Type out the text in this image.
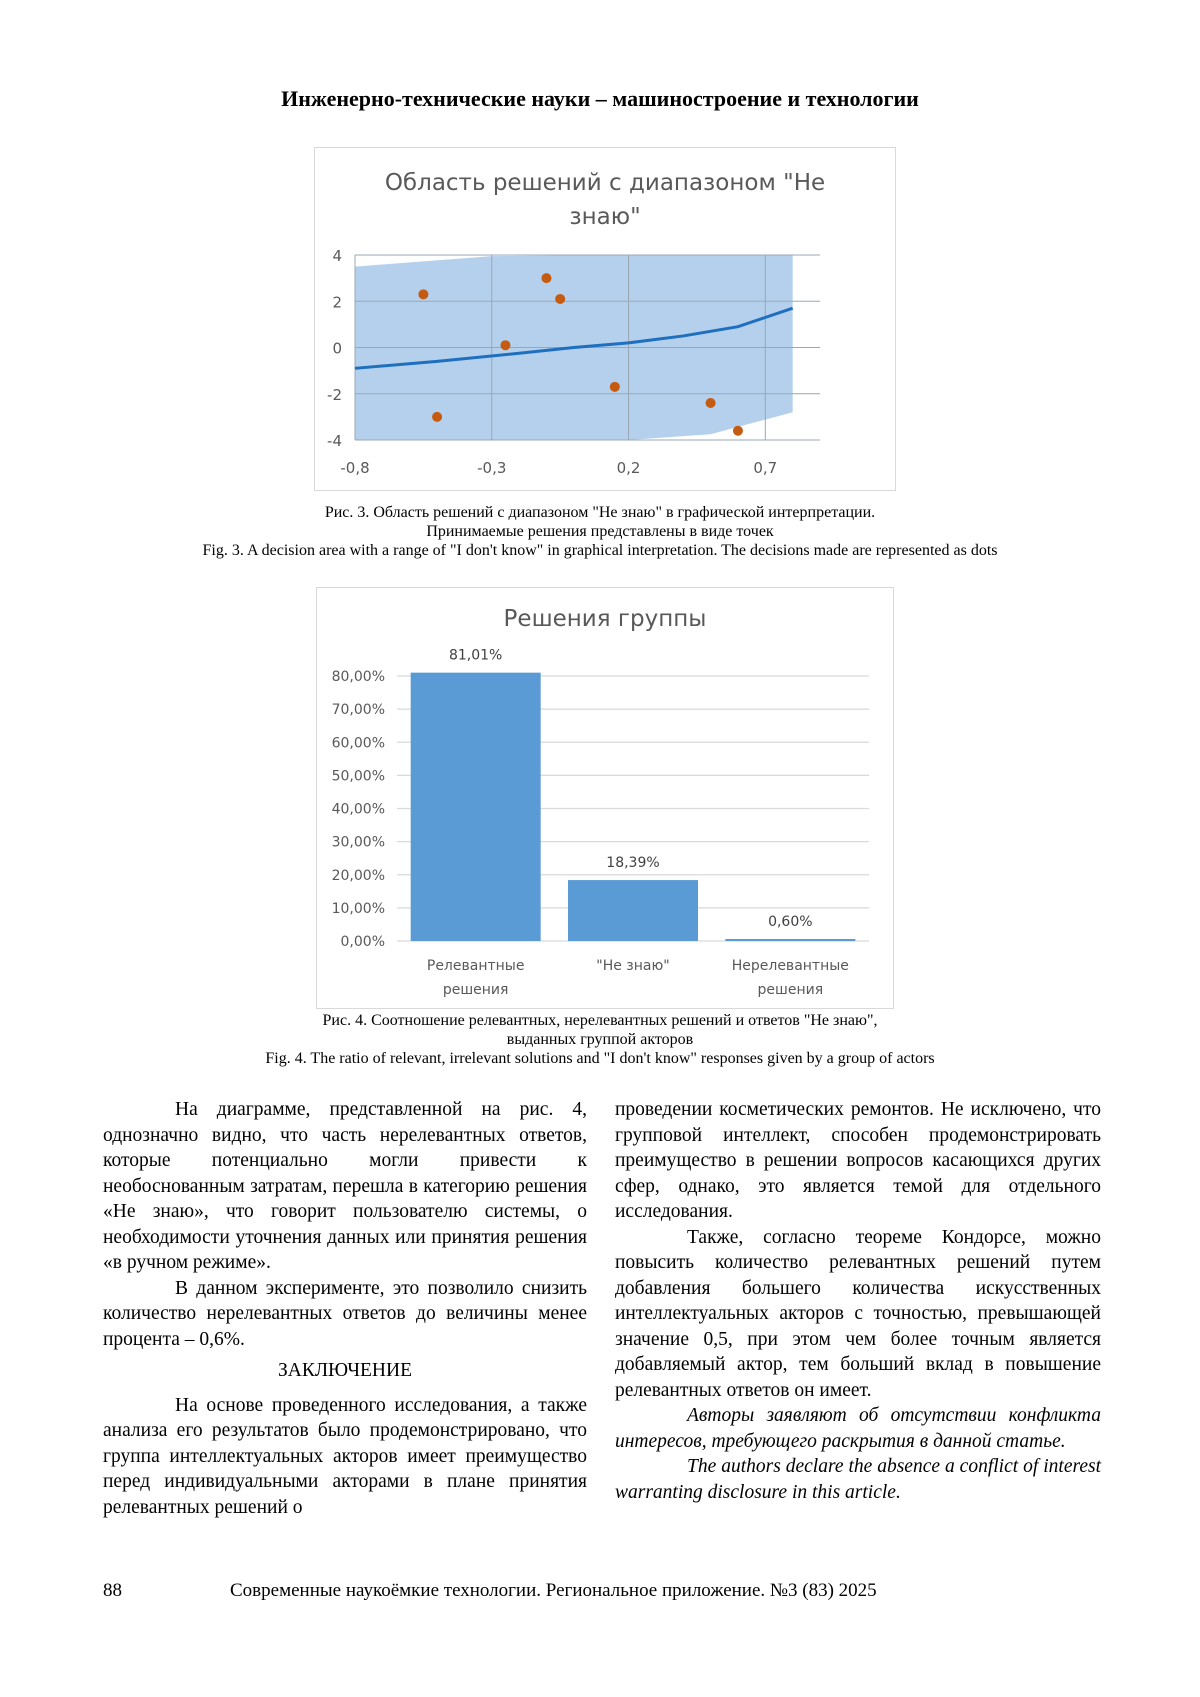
Инженерно-технические науки – машиностроение и технологии
Область решений с диапазоном "Не
знаю"
4
2
0
-2
-4
-0,8	-0,3	0,2	0,7
Рис. 3. Область решений с диапазоном "Не знаю" в графической интерпретации.
Принимаемые решения представлены в виде точек
Fig. 3. A decision area with a range of "I don't know" in graphical interpretation. The decisions made are represented as dots
Решения группы
80,00%
70,00%
60,00%
50,00%
40,00%
30,00%
20,00%
10,00%
0,00%
81,01%
Релевантные
решения
18,39%
"Не знаю"
0,60%
Нерелевантные
решения
Рис. 4. Соотношение релевантных, нерелевантных решений и ответов "Не знаю",
выданных группой акторов
Fig. 4. The ratio of relevant, irrelevant solutions and "I don't know" responses given by a group of actors

На диаграмме, представленной на рис. 4, однозначно видно, что часть нерелевантных ответов, которые потенциально могли привести к необоснованным затратам, перешла в категорию решения «Не знаю», что говорит пользователю системы, о необходимости уточнения данных или принятия решения «в ручном режиме».

В данном эксперименте, это позволило снизить количество нерелевантных ответов до величины менее процента – 0,6%.

ЗАКЛЮЧЕНИЕ

На основе проведенного исследования, а также анализа его результатов было продемонстрировано, что группа интеллектуальных акторов имеет преимущество перед индивидуальными акторами в плане принятия релевантных решений о

проведении косметических ремонтов. Не исключено, что групповой интеллект, способен продемонстрировать преимущество в решении вопросов касающихся других сфер, однако, это является темой для отдельного исследования.

Также, согласно теореме Кондорсе, можно повысить количество релевантных решений путем добавления большего количества искусственных интеллектуальных акторов с точностью, превышающей значение 0,5, при этом чем более точным является добавляемый актор, тем больший вклад в повышение релевантных ответов он имеет.

Авторы заявляют об отсутствии конфликта интересов, требующего раскрытия в данной статье.

The authors declare the absence a conflict of interest warranting disclosure in this article.

88	Современные наукоёмкие технологии. Региональное приложение. №3 (83) 2025
